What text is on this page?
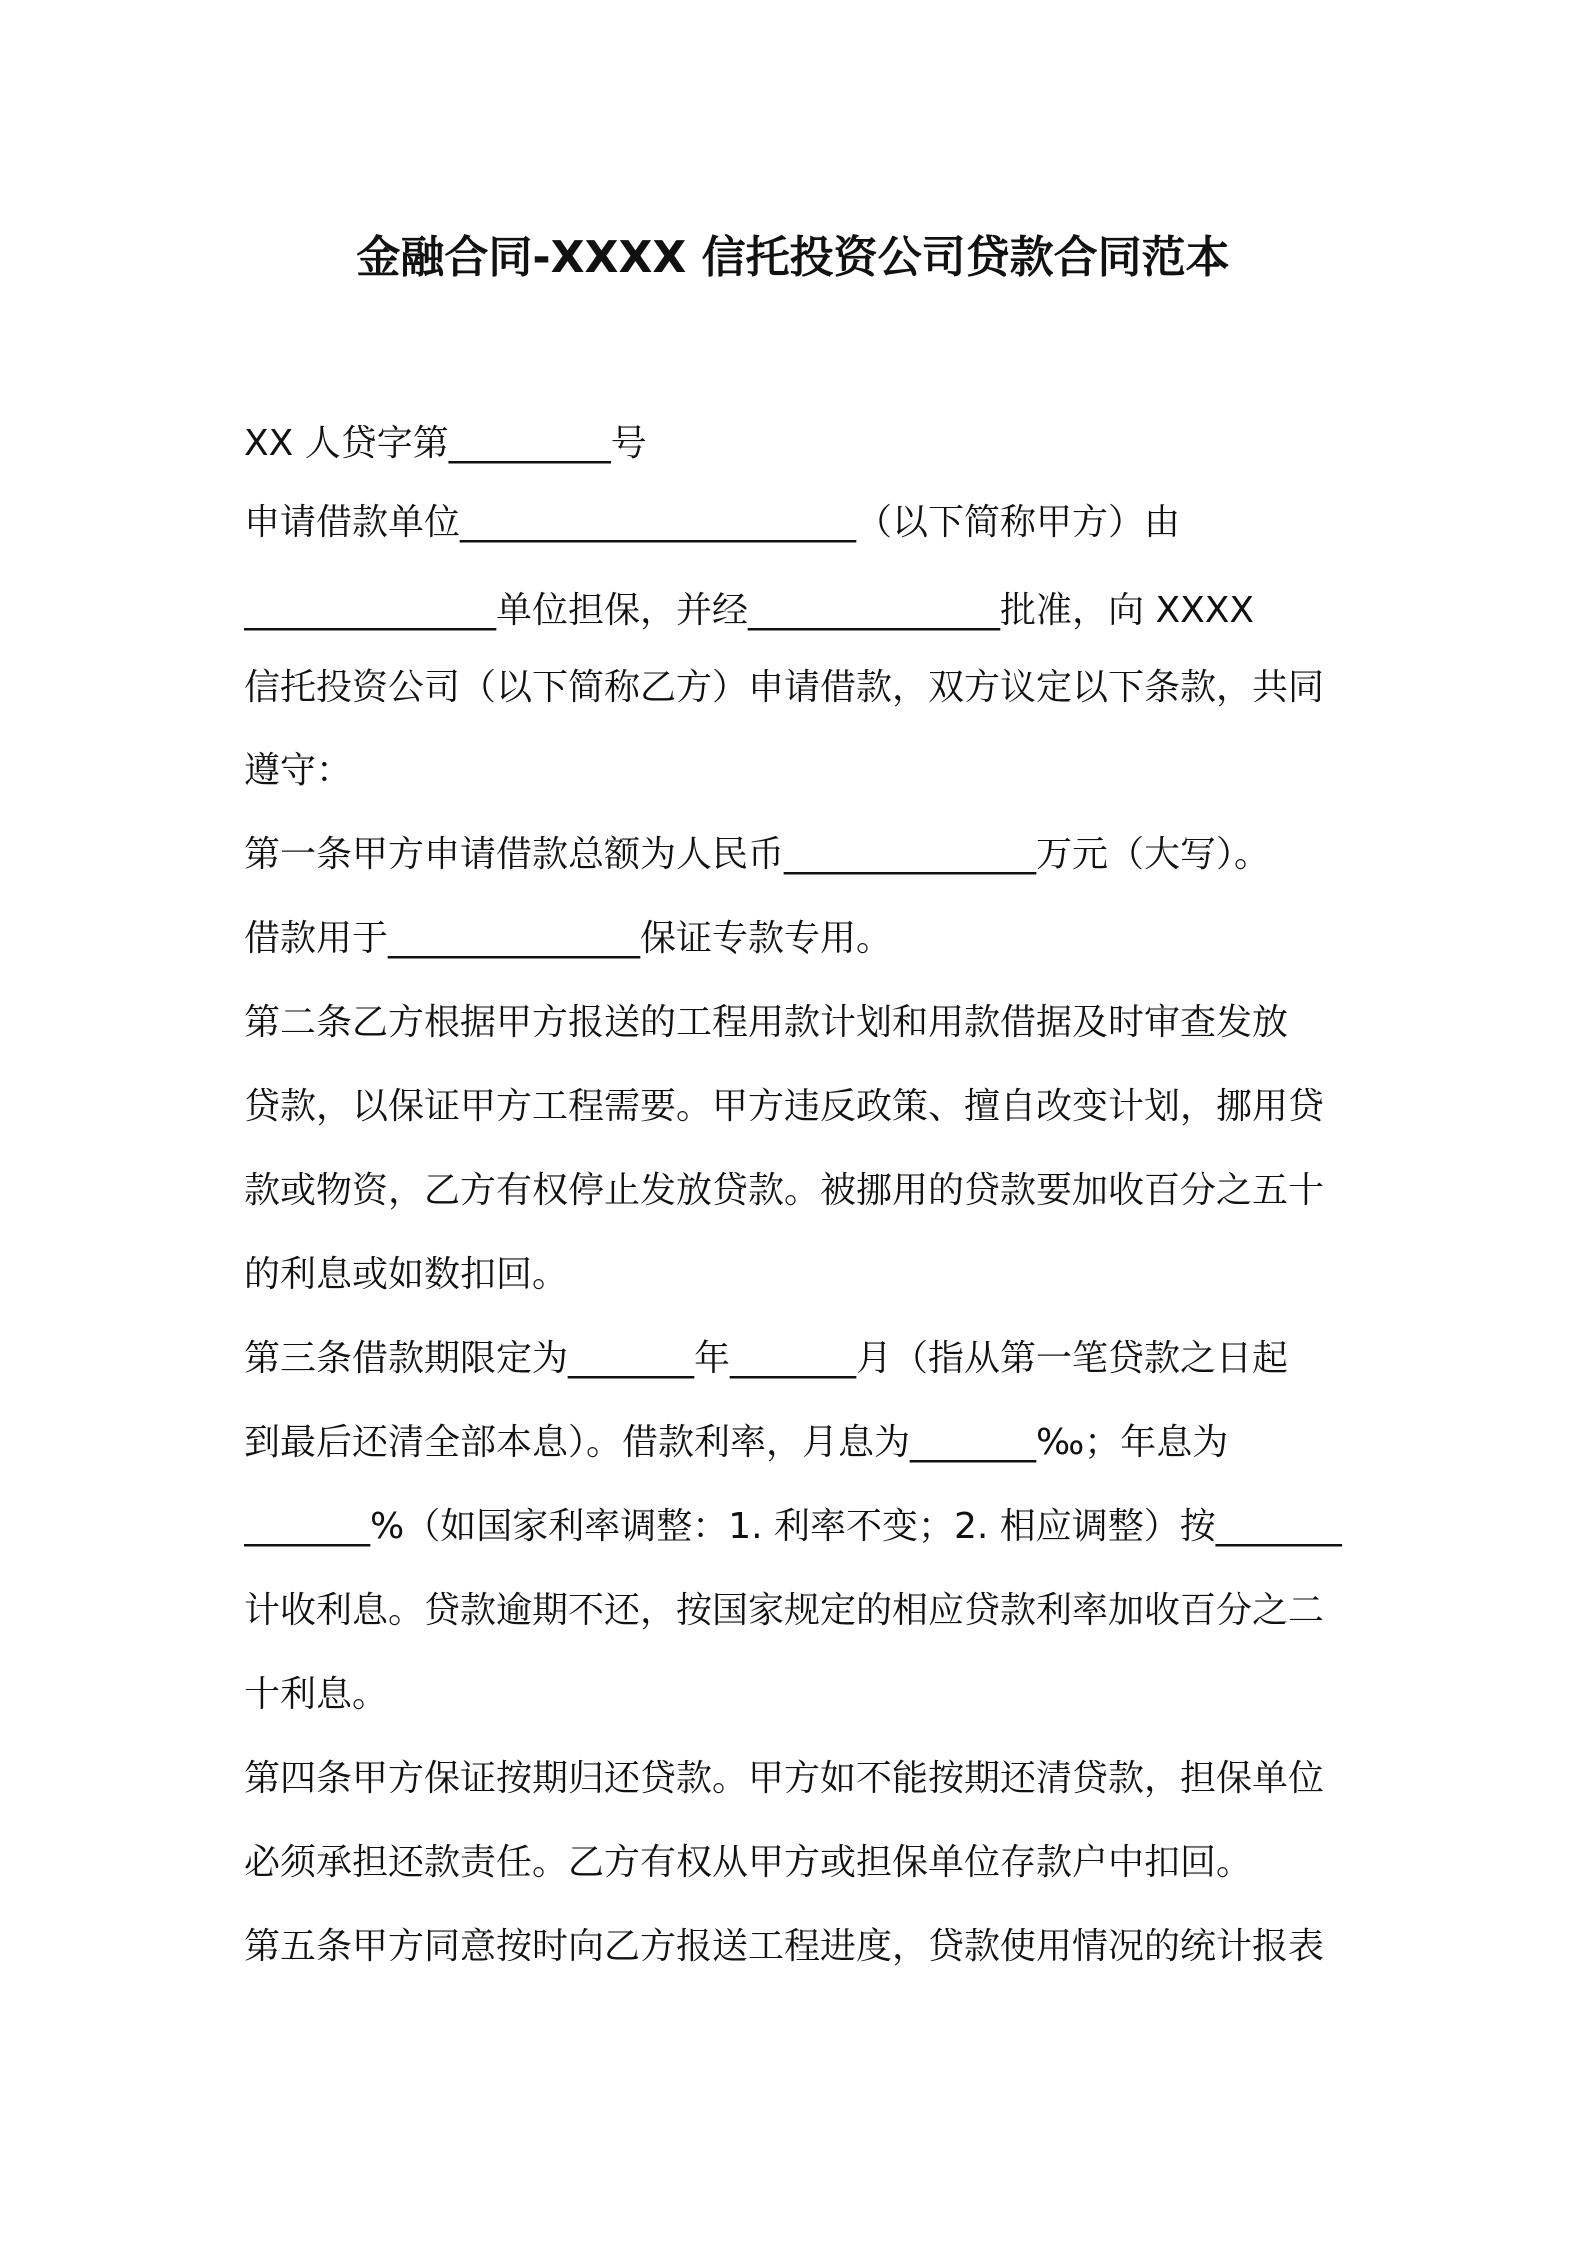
金融合同-XXXX 信托投资公司贷款合同范本
XX 人贷字第_________号
申请借款单位______________________（以下简称甲方）由
______________单位担保，并经______________批准，向 XXXX
信托投资公司（以下简称乙方）申请借款，双方议定以下条款，共同
遵守：
第一条甲方申请借款总额为人民币______________万元（大写）。
借款用于______________保证专款专用。
第二条乙方根据甲方报送的工程用款计划和用款借据及时审查发放
贷款，以保证甲方工程需要。甲方违反政策、擅自改变计划，挪用贷
款或物资，乙方有权停止发放贷款。被挪用的贷款要加收百分之五十
的利息或如数扣回。
第三条借款期限定为_______年_______月（指从第一笔贷款之日起
到最后还清全部本息）。借款利率，月息为_______‰；年息为
_______%（如国家利率调整：1. 利率不变；2. 相应调整）按_______
计收利息。贷款逾期不还，按国家规定的相应贷款利率加收百分之二
十利息。
第四条甲方保证按期归还贷款。甲方如不能按期还清贷款，担保单位
必须承担还款责任。乙方有权从甲方或担保单位存款户中扣回。
第五条甲方同意按时向乙方报送工程进度，贷款使用情况的统计报表
